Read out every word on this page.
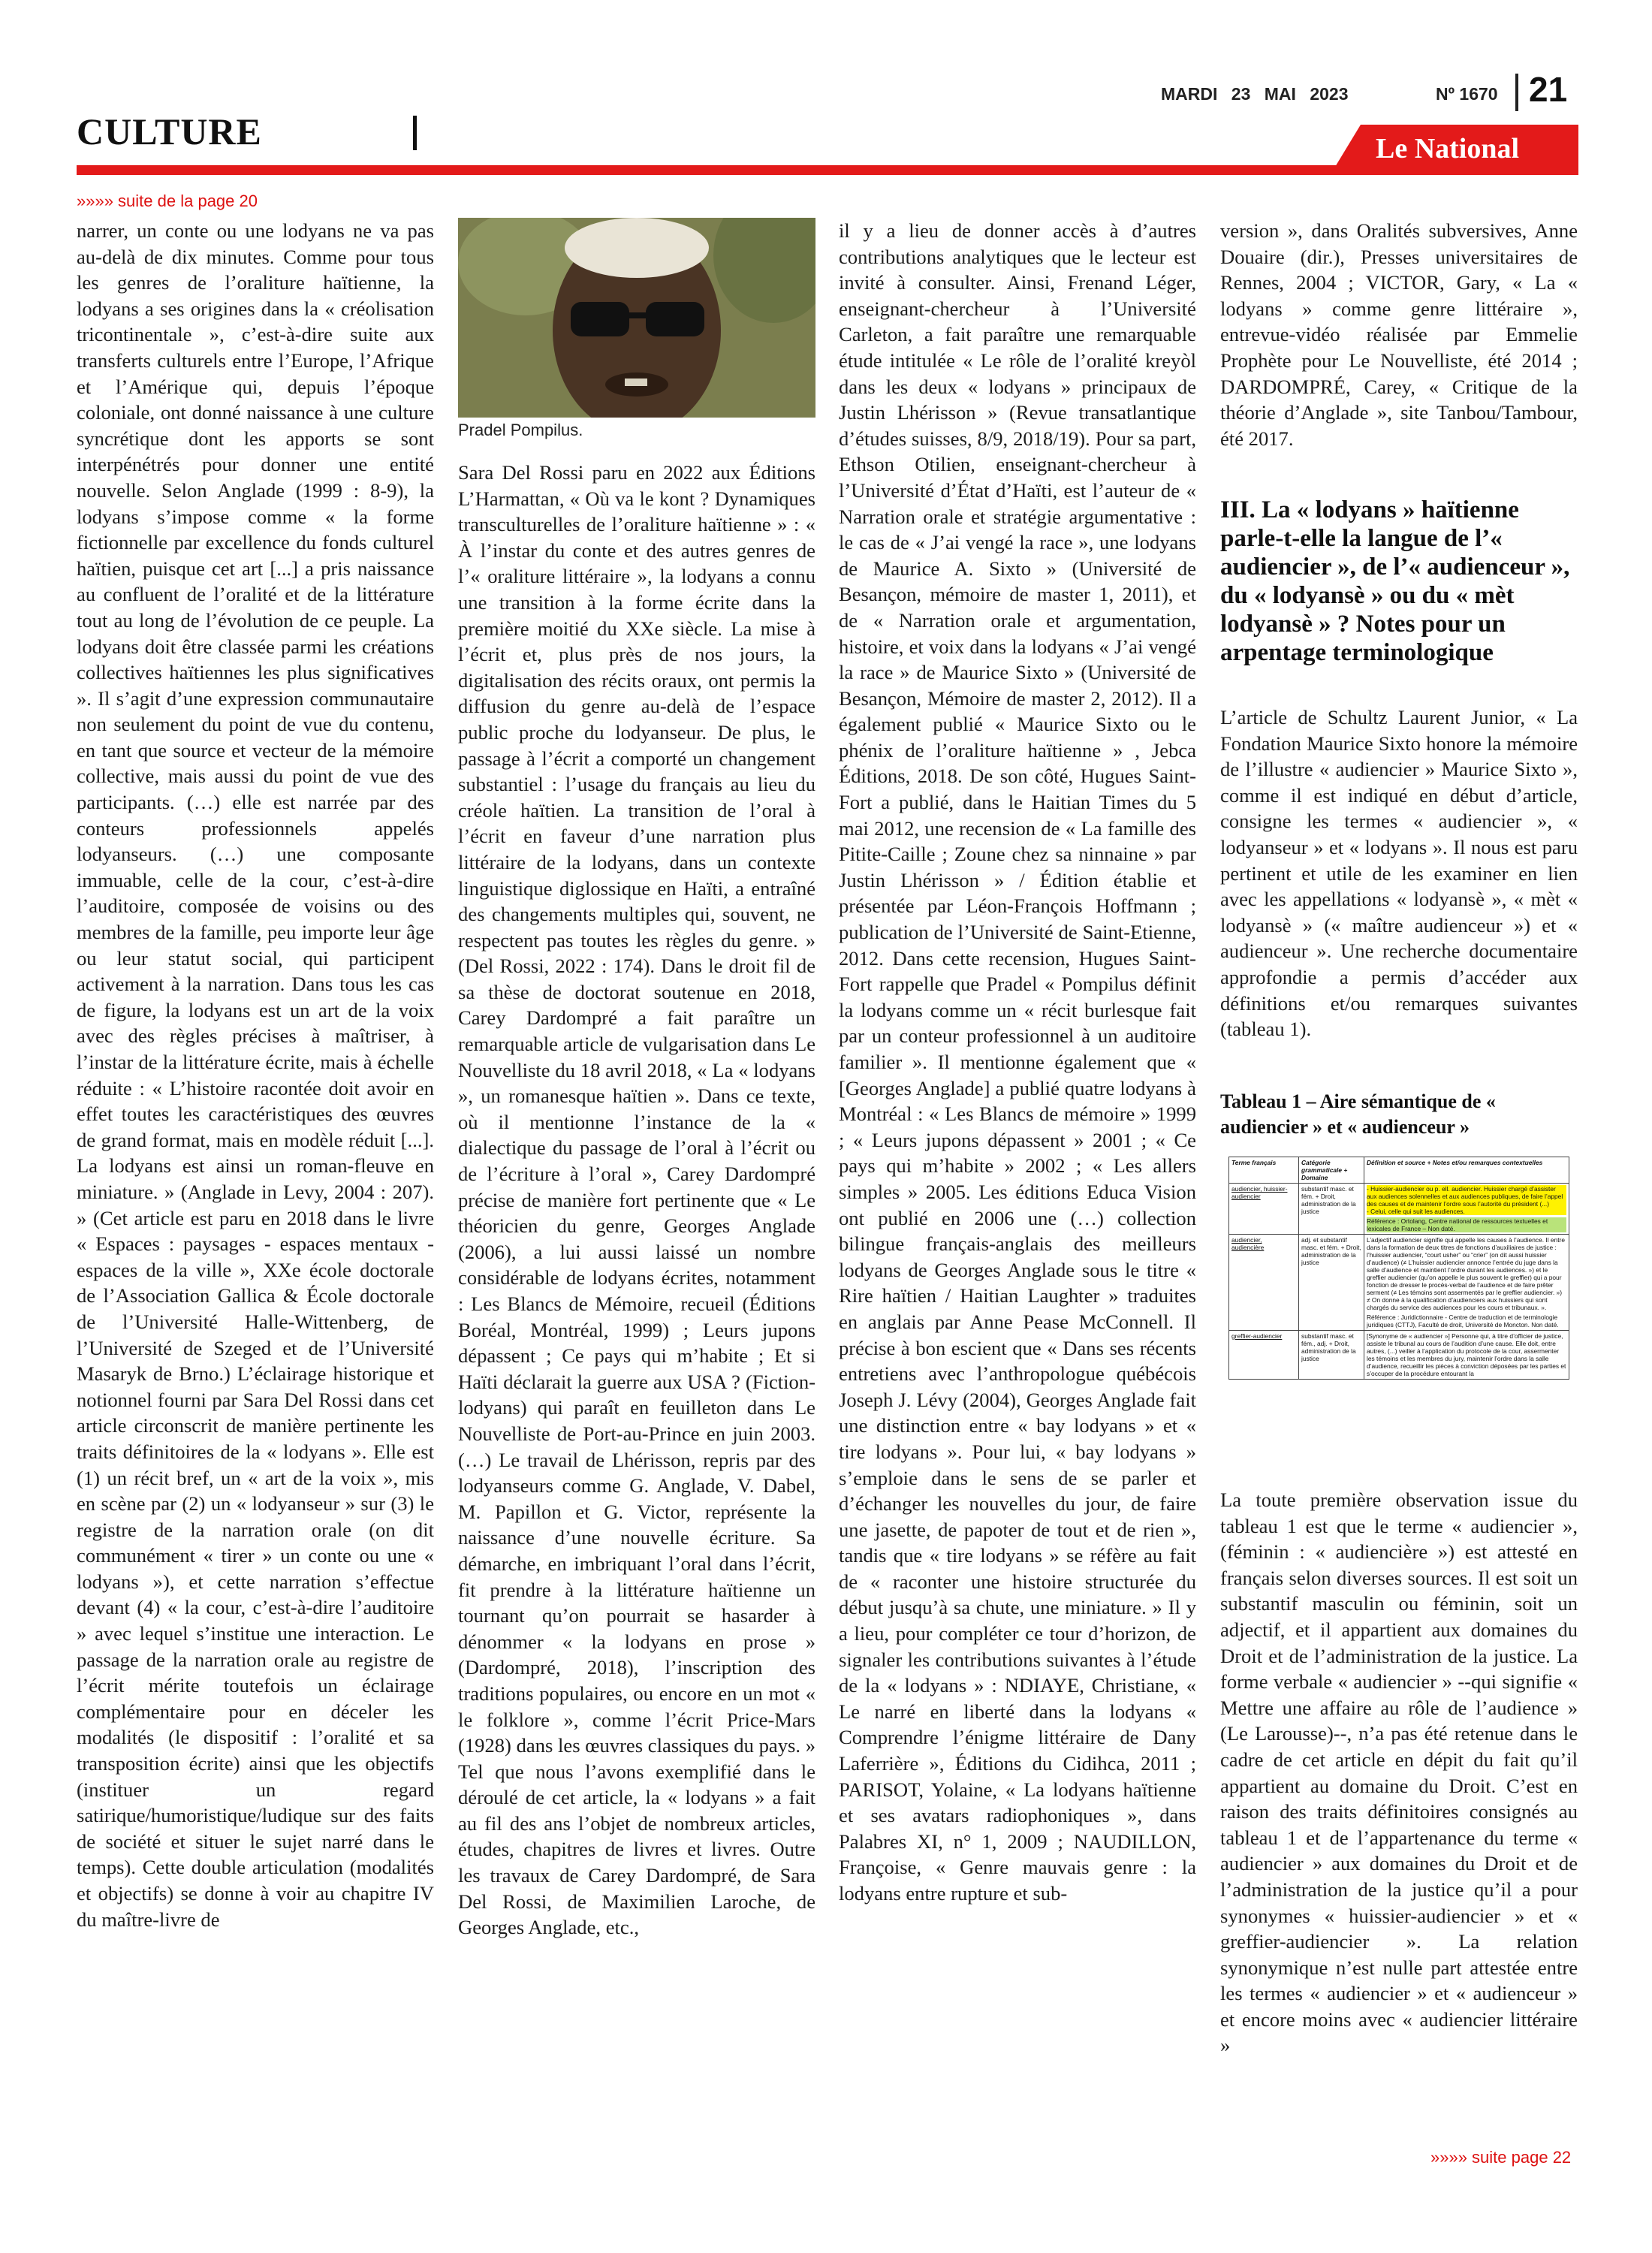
CULTURE
MARDI 23 MAI 2023	Nº 1670 21
Le National
»»»» suite de la page 20

narrer, un conte ou une lodyans ne va pas au-delà de dix minutes. Comme pour tous les genres de l’oraliture haïtienne, la lodyans a ses origines dans la « créolisation tricontinentale », c’est-à-dire suite aux transferts culturels entre l’Europe, l’Afrique et l’Amérique qui, depuis l’époque coloniale, ont donné naissance à une culture syncrétique dont les apports se sont interpénétrés pour donner une entité nouvelle. Selon Anglade (1999 : 8-9), la lodyans s’impose comme « la forme fictionnelle par excellence du fonds culturel haïtien, puisque cet art [...] a pris naissance au confluent de l’oralité et de la littérature tout au long de l’évolution de ce peuple. La lodyans doit être classée parmi les créations collectives haïtiennes les plus significatives ». Il s’agit d’une expression communautaire non seulement du point de vue du contenu, en tant que source et vecteur de la mémoire collective, mais aussi du point de vue des participants. (…) elle est narrée par des conteurs professionnels appelés lodyanseurs. (…) une composante immuable, celle de la cour, c’est-à-dire l’auditoire, composée de voisins ou des membres de la famille, peu importe leur âge ou leur statut social, qui participent activement à la narration. Dans tous les cas de figure, la lodyans est un art de la voix avec des règles précises à maîtriser, à l’instar de la littérature écrite, mais à échelle réduite : « L’histoire racontée doit avoir en effet toutes les caractéristiques des œuvres de grand format, mais en modèle réduit [...]. La lodyans est ainsi un roman-fleuve en miniature. » (Anglade in Levy, 2004 : 207). » (Cet article est paru en 2018 dans le livre « Espaces : paysages - espaces mentaux - espaces de la ville », XXe école doctorale de l’Association Gallica & École doctorale de l’Université Halle-Wittenberg, de l’Université de Szeged et de l’Université Masaryk de Brno.) L’éclairage historique et notionnel fourni par Sara Del Rossi dans cet article circonscrit de manière pertinente les traits définitoires de la « lodyans ». Elle est (1) un récit bref, un « art de la voix », mis en scène par (2) un « lodyanseur » sur (3) le registre de la narration orale (on dit communément « tirer » un conte ou une « lodyans »), et cette narration s’effectue devant (4) « la cour, c’est-à-dire l’auditoire » avec lequel s’institue une interaction. Le passage de la narration orale au registre de l’écrit mérite toutefois un éclairage complémentaire pour en déceler les modalités (le dispositif : l’oralité et sa transposition écrite) ainsi que les objectifs (instituer un regard satirique/humoristique/ludique sur des faits de société et situer le sujet narré dans le temps). Cette double articulation (modalités et objectifs) se donne à voir au chapitre IV du maître-livre de

Pradel Pompilus.

Sara Del Rossi paru en 2022 aux Éditions L’Harmattan, « Où va le kont ? Dynamiques transculturelles de l’oraliture haïtienne » : « À l’instar du conte et des autres genres de l’« oraliture littéraire », la lodyans a connu une transition à la forme écrite dans la première moitié du XXe siècle. La mise à l’écrit et, plus près de nos jours, la digitalisation des récits oraux, ont permis la diffusion du genre au-delà de l’espace public proche du lodyanseur. De plus, le passage à l’écrit a comporté un changement substantiel : l’usage du français au lieu du créole haïtien. La transition de l’oral à l’écrit en faveur d’une narration plus littéraire de la lodyans, dans un contexte linguistique diglossique en Haïti, a entraîné des changements multiples qui, souvent, ne respectent pas toutes les règles du genre. » (Del Rossi, 2022 : 174). Dans le droit fil de sa thèse de doctorat soutenue en 2018, Carey Dardompré a fait paraître un remarquable article de vulgarisation dans Le Nouvelliste du 18 avril 2018, « La « lodyans », un romanesque haïtien ». Dans ce texte, où il mentionne l’instance de la « dialectique du passage de l’oral à l’écrit ou de l’écriture à l’oral », Carey Dardompré précise de manière fort pertinente que « Le théoricien du genre, Georges Anglade (2006), a lui aussi laissé un nombre considérable de lodyans écrites, notamment : Les Blancs de Mémoire, recueil (Éditions Boréal, Montréal, 1999) ; Leurs jupons dépassent ; Ce pays qui m’habite ; Et si Haïti déclarait la guerre aux USA ? (Fiction-lodyans) qui paraît en feuilleton dans Le Nouvelliste de Port-au-Prince en juin 2003. (…) Le travail de Lhérisson, repris par des lodyanseurs comme G. Anglade, V. Dabel, M. Papillon et G. Victor, représente la naissance d’une nouvelle écriture. Sa démarche, en imbriquant l’oral dans l’écrit, fit prendre à la littérature haïtienne un tournant qu’on pourrait se hasarder à dénommer « la lodyans en prose » (Dardompré, 2018), l’inscription des traditions populaires, ou encore en un mot « le folklore », comme l’écrit Price-Mars (1928) dans les œuvres classiques du pays. » Tel que nous l’avons exemplifié dans le déroulé de cet article, la « lodyans » a fait au fil des ans l’objet de nombreux articles, études, chapitres de livres et livres. Outre les travaux de Carey Dardompré, de Sara Del Rossi, de Maximilien Laroche, de Georges Anglade, etc.,

il y a lieu de donner accès à d’autres contributions analytiques que le lecteur est invité à consulter. Ainsi, Frenand Léger, enseignant-chercheur à l’Université Carleton, a fait paraître une remarquable étude intitulée « Le rôle de l’oralité kreyòl dans les deux « lodyans » principaux de Justin Lhérisson » (Revue transatlantique d’études suisses, 8/9, 2018/19). Pour sa part, Ethson Otilien, enseignant-chercheur à l’Université d’État d’Haïti, est l’auteur de « Narration orale et stratégie argumentative : le cas de « J’ai vengé la race », une lodyans de Maurice A. Sixto » (Université de Besançon, mémoire de master 1, 2011), et de « Narration orale et argumentation, histoire, et voix dans la lodyans « J’ai vengé la race » de Maurice Sixto » (Université de Besançon, Mémoire de master 2, 2012). Il a également publié « Maurice Sixto ou le phénix de l’oraliture haïtienne » , Jebca Éditions, 2018. De son côté, Hugues Saint-Fort a publié, dans le Haitian Times du 5 mai 2012, une recension de « La famille des Pitite-Caille ; Zoune chez sa ninnaine » par Justin Lhérisson » / Édition établie et présentée par Léon-François Hoffmann ; publication de l’Université de Saint-Etienne, 2012. Dans cette recension, Hugues Saint-Fort rappelle que Pradel « Pompilus définit la lodyans comme un « récit burlesque fait par un conteur professionnel à un auditoire familier ». Il mentionne également que « [Georges Anglade] a publié quatre lodyans à Montréal : « Les Blancs de mémoire » 1999 ; « Leurs jupons dépassent » 2001 ; « Ce pays qui m’habite » 2002 ; « Les allers simples » 2005. Les éditions Educa Vision ont publié en 2006 une (…) collection bilingue français-anglais des meilleurs lodyans de Georges Anglade sous le titre « Rire haïtien / Haitian Laughter » traduites en anglais par Anne Pease McConnell. Il précise à bon escient que « Dans ses récents entretiens avec l’anthropologue québécois Joseph J. Lévy (2004), Georges Anglade fait une distinction entre « bay lodyans » et « tire lodyans ». Pour lui, « bay lodyans » s’emploie dans le sens de se parler et d’échanger les nouvelles du jour, de faire une jasette, de papoter de tout et de rien », tandis que « tire lodyans » se réfère au fait de « raconter une histoire structurée du début jusqu’à sa chute, une miniature. » Il y a lieu, pour compléter ce tour d’horizon, de signaler les contributions suivantes à l’étude de la « lodyans » : NDIAYE, Christiane, « Le narré en liberté dans la lodyans « Comprendre l’énigme littéraire de Dany Laferrière », Éditions du Cidihca, 2011 ; PARISOT, Yolaine, « La lodyans haïtienne et ses avatars radiophoniques », dans Palabres XI, n° 1, 2009 ; NAUDILLON, Françoise, « Genre mauvais genre : la lodyans entre rupture et sub-

version », dans Oralités subversives, Anne Douaire (dir.), Presses universitaires de Rennes, 2004 ; VICTOR, Gary, « La « lodyans » comme genre littéraire », entrevue-vidéo réalisée par Emmelie Prophète pour Le Nouvelliste, été 2014 ; DARDOMPRÉ, Carey, « Critique de la théorie d’Anglade », site Tanbou/Tambour, été 2017.

III. La « lodyans » haïtienne parle-t-elle la langue de l’« audiencier », de l’« audienceur », du « lodyansè » ou du « mèt lodyansè » ? Notes pour un arpentage terminologique

L’article de Schultz Laurent Junior, « La Fondation Maurice Sixto honore la mémoire de l’illustre « audiencier » Maurice Sixto », comme il est indiqué en début d’article, consigne les termes « audiencier », « lodyanseur » et « lodyans ». Il nous est paru pertinent et utile de les examiner en lien avec les appellations « lodyansè », « mèt « lodyansè » (« maître audienceur ») et « audienceur ». Une recherche documentaire approfondie a permis d’accéder aux définitions et/ou remarques suivantes (tableau 1).

Tableau 1 – Aire sémantique de « audiencier » et « audienceur »
Terme français	Catégorie grammaticale + Domaine	Définition et source + Notes et/ou remarques contextuelles
audiencier, huissier-audiencier	substantif masc. et fém. + Droit, administration de la justice	- Huissier-audiencier ou p. ell. audiencier. Huissier chargé d’assister aux audiences solennelles et aux audiences publiques, de faire l’appel des causes et de maintenir l’ordre sous l’autorité du président (...)
- Celui, celle qui suit les audiences.
Référence : Ortolang, Centre national de ressources textuelles et lexicales de France – Non daté.

audiencier, audiencière	adj. et substantif masc. et fém. + Droit, administration de la justice	L’adjectif audiencier signifie qui appelle les causes à l’audience. Il entre dans la formation de deux titres de fonctions d’auxiliaires de justice : l’huissier audiencier, “court usher” ou “crier” (on dit aussi huissier d’audience) (≠ L’huissier audiencier annonce l’entrée du juge dans la salle d’audience et maintient l’ordre durant les audiences. ») et le greffier audiencier (qu’on appelle le plus souvent le greffier) qui a pour fonction de dresser le procès-verbal de l’audience et de faire prêter serment (≠ Les témoins sont assermentés par le greffier audiencier. ») ≠ On donne à la qualification d’audienciers aux huissiers qui sont chargés du service des audiences pour les cours et tribunaux. ».
Référence : Juridictionnaire - Centre de traduction et de terminologie juridiques (CTTJ), Faculté de droit, Université de Moncton. Non daté.

greffier-audiencier	substantif masc. et fém., adj. + Droit, administration de la justice	[Synonyme de « audiencier »] Personne qui, à titre d’officier de justice, assiste le tribunal au cours de l’audition d’une cause. Elle doit, entre autres, (...) veiller à l’application du protocole de la cour, assermenter les témoins et les membres du jury, maintenir l’ordre dans la salle d’audience, recueillir les pièces à conviction déposées par les parties et s’occuper de la procédure entourant la

La toute première observation issue du tableau 1 est que le terme « audiencier », (féminin : « audiencière ») est attesté en français selon diverses sources. Il est soit un substantif masculin ou féminin, soit un adjectif, et il appartient aux domaines du Droit et de l’administration de la justice. La forme verbale « audiencier » --qui signifie « Mettre une affaire au rôle de l’audience » (Le Larousse)--, n’a pas été retenue dans le cadre de cet article en dépit du fait qu’il appartient au domaine du Droit. C’est en raison des traits définitoires consignés au tableau 1 et de l’appartenance du terme « audiencier » aux domaines du Droit et de l’administration de la justice qu’il a pour synonymes « huissier-audiencier » et « greffier-audiencier ». La relation synonymique n’est nulle part attestée entre les termes « audiencier » et « audienceur » et encore moins avec « audiencier littéraire »

»»»» suite page 22
